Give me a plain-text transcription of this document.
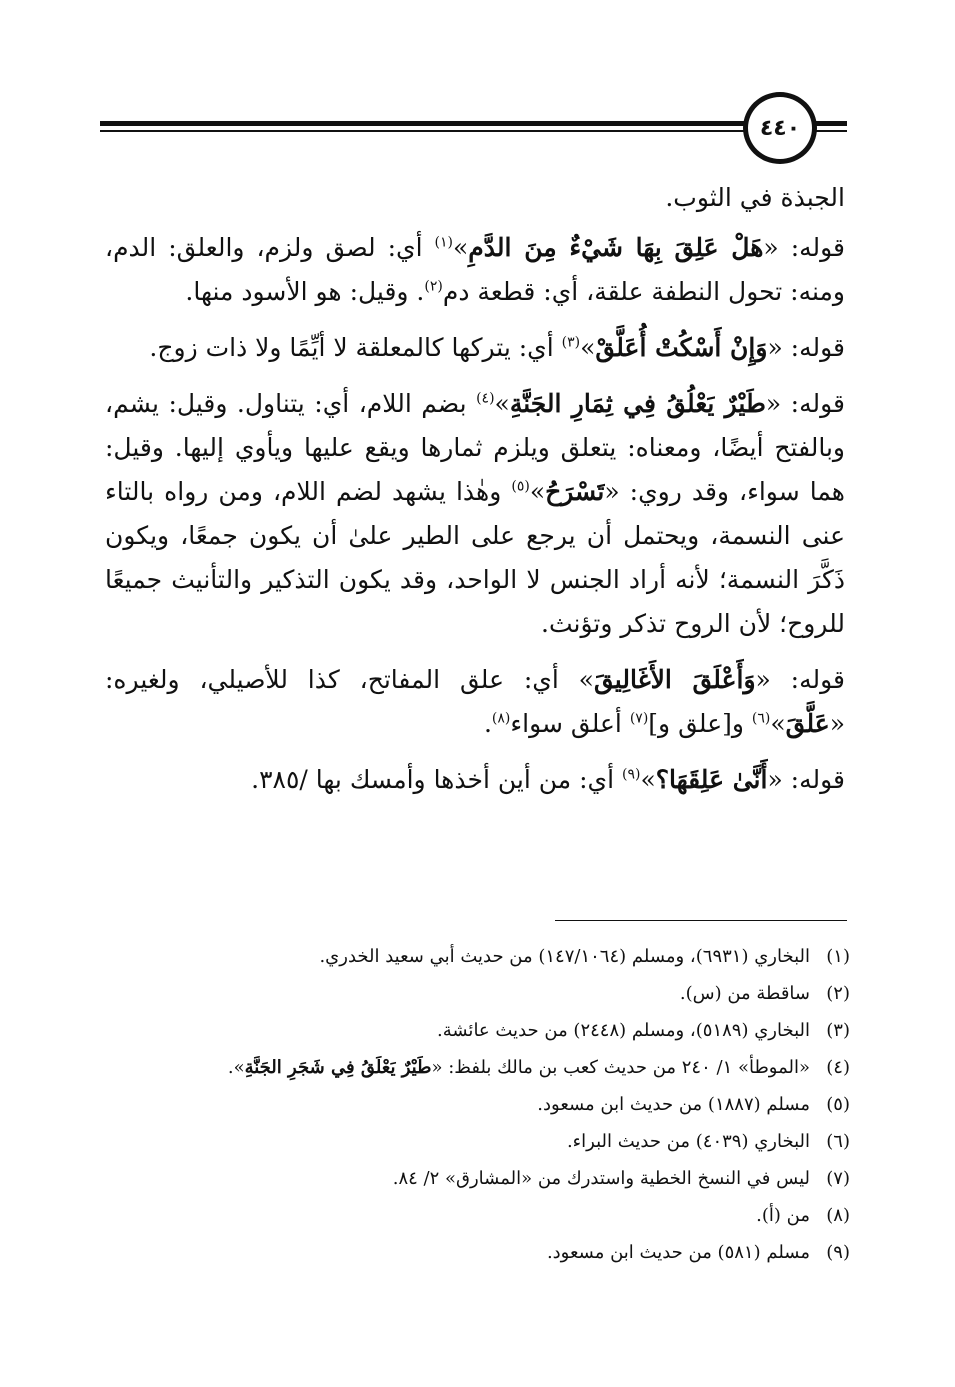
٤٤٠

الجبذة في الثوب.

قوله: «هَلْ عَلِقَ بِهَا شَيْءٌ مِنَ الدَّمِ»$^{(١)}$ أي: لصق ولزم، والعلق: الدم، ومنه: تحول النطفة علقة، أي: قطعة دم$^{(٢)}$. وقيل: هو الأسود منها.

قوله: «وَإِنْ أَسْكُتْ أُعَلَّقْ»$^{(٣)}$ أي: يتركها كالمعلقة لا أيِّمًا ولا ذات زوج.

قوله: «طَيْرٌ يَعْلُقُ فِي ثِمَارِ الجَنَّةِ»$^{(٤)}$ بضم اللام، أي: يتناول. وقيل: يشم، وبالفتح أيضًا، ومعناه: يتعلق ويلزم ثمارها ويقع عليها ويأوي إليها. وقيل: هما سواء، وقد روي: «تَسْرَحُ»$^{(٥)}$ وهٰذا يشهد لضم اللام، ومن رواه بالتاء عنى النسمة، ويحتمل أن يرجع على الطير علىٰ أن يكون جمعًا، ويكون ذَكَّرَ النسمة؛ لأنه أراد الجنس لا الواحد، وقد يكون التذكير والتأنيث جميعًا للروح؛ لأن الروح تذكر وتؤنث.

قوله: «وَأَعْلَقَ الأَغَالِيقَ» أي: علق المفاتح، كذا للأصيلي، ولغيره: «عَلَّقَ»$^{(٦)}$ و[علق و]$^{(٧)}$ أعلق سواء$^{(٨)}$.

قوله: «أَنَّىٰ عَلِقَهَا؟»$^{(٩)}$ أي: من أين أخذها وأمسك بها /٣٨٥.

(١)
البخاري (٦٩٣١)، ومسلم (١٤٧/١٠٦٤) من حديث أبي سعيد الخدري.
(٢)
ساقطة من (س).
(٣)
البخاري (٥١٨٩)، ومسلم (٢٤٤٨) من حديث عائشة.
(٤)
«الموطأ» ١/ ٢٤٠ من حديث كعب بن مالك بلفظ: «طَيْرٌ يَعْلَقُ فِي شَجَرِ الجَنَّةِ».
(٥)
مسلم (١٨٨٧) من حديث ابن مسعود.
(٦)
البخاري (٤٠٣٩) من حديث البراء.
(٧)
ليس في النسخ الخطية واستدرك من «المشارق» ٢/ ٨٤.
(٨)
من (أ).
(٩)
مسلم (٥٨١) من حديث ابن مسعود.
